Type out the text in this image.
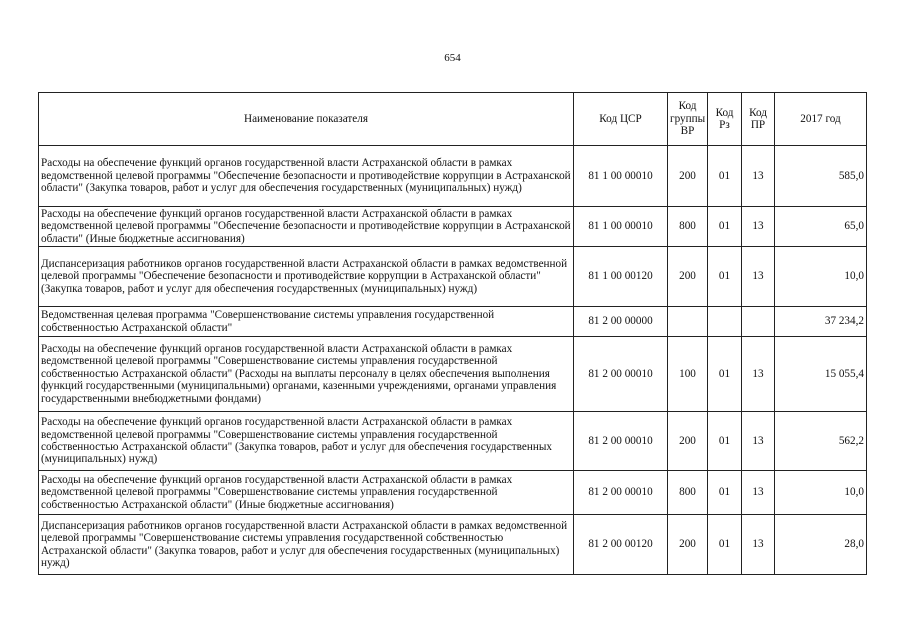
654
Наименование показателя	Код ЦСР	Код группы ВР	Код Рз	Код ПР	2017 год
Расходы на обеспечение функций органов государственной власти Астраханской области в рамках ведомственной целевой программы "Обеспечение безопасности и противодействие коррупции в Астраханской области" (Закупка товаров, работ и услуг для обеспечения государственных (муниципальных) нужд)	81 1 00 00010	200	01	13	585,0
Расходы на обеспечение функций органов государственной власти Астраханской области в рамках ведомственной целевой программы "Обеспечение безопасности и противодействие коррупции в Астраханской области" (Иные бюджетные ассигнования)	81 1 00 00010	800	01	13	65,0
Диспансеризация работников органов государственной власти Астраханской области в рамках ведомственной целевой программы "Обеспечение безопасности и противодействие коррупции в Астраханской области" (Закупка товаров, работ и услуг для обеспечения государственных (муниципальных) нужд)	81 1 00 00120	200	01	13	10,0
Ведомственная целевая программа "Совершенствование системы управления государственной собственностью Астраханской области"	81 2 00 00000				37 234,2
Расходы на обеспечение функций органов государственной власти Астраханской области в рамках ведомственной целевой программы "Совершенствование системы управления государственной собственностью Астраханской области" (Расходы на выплаты персоналу в целях обеспечения выполнения функций государственными (муниципальными) органами, казенными учреждениями, органами управления государственными внебюджетными фондами)	81 2 00 00010	100	01	13	15 055,4
Расходы на обеспечение функций органов государственной власти Астраханской области в рамках ведомственной целевой программы "Совершенствование системы управления государственной собственностью Астраханской области" (Закупка товаров, работ и услуг для обеспечения государственных (муниципальных) нужд)	81 2 00 00010	200	01	13	562,2
Расходы на обеспечение функций органов государственной власти Астраханской области в рамках ведомственной целевой программы "Совершенствование системы управления государственной собственностью Астраханской области" (Иные бюджетные ассигнования)	81 2 00 00010	800	01	13	10,0
Диспансеризация работников органов государственной власти Астраханской области в рамках ведомственной целевой программы "Совершенствование системы управления государственной собственностью Астраханской области" (Закупка товаров, работ и услуг для обеспечения государственных (муниципальных) нужд)	81 2 00 00120	200	01	13	28,0
